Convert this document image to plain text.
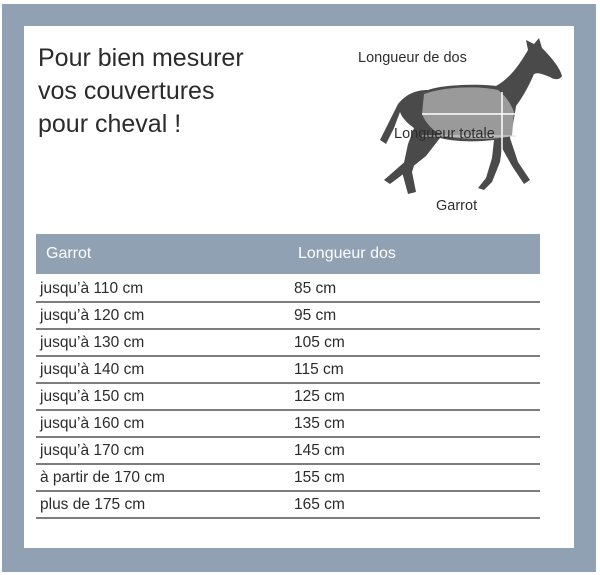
Pour bien mesurer
vos couvertures
pour cheval !
Longueur de dos
Longueur totale
Garrot
Garrot	Longueur dos
jusqu’à 110 cm	85 cm
jusqu’à 120 cm	95 cm
jusqu’à 130 cm	105 cm
jusqu’à 140 cm	115 cm
jusqu’à 150 cm	125 cm
jusqu’à 160 cm	135 cm
jusqu’à 170 cm	145 cm
à partir de 170 cm	155 cm
plus de 175 cm	165 cm
